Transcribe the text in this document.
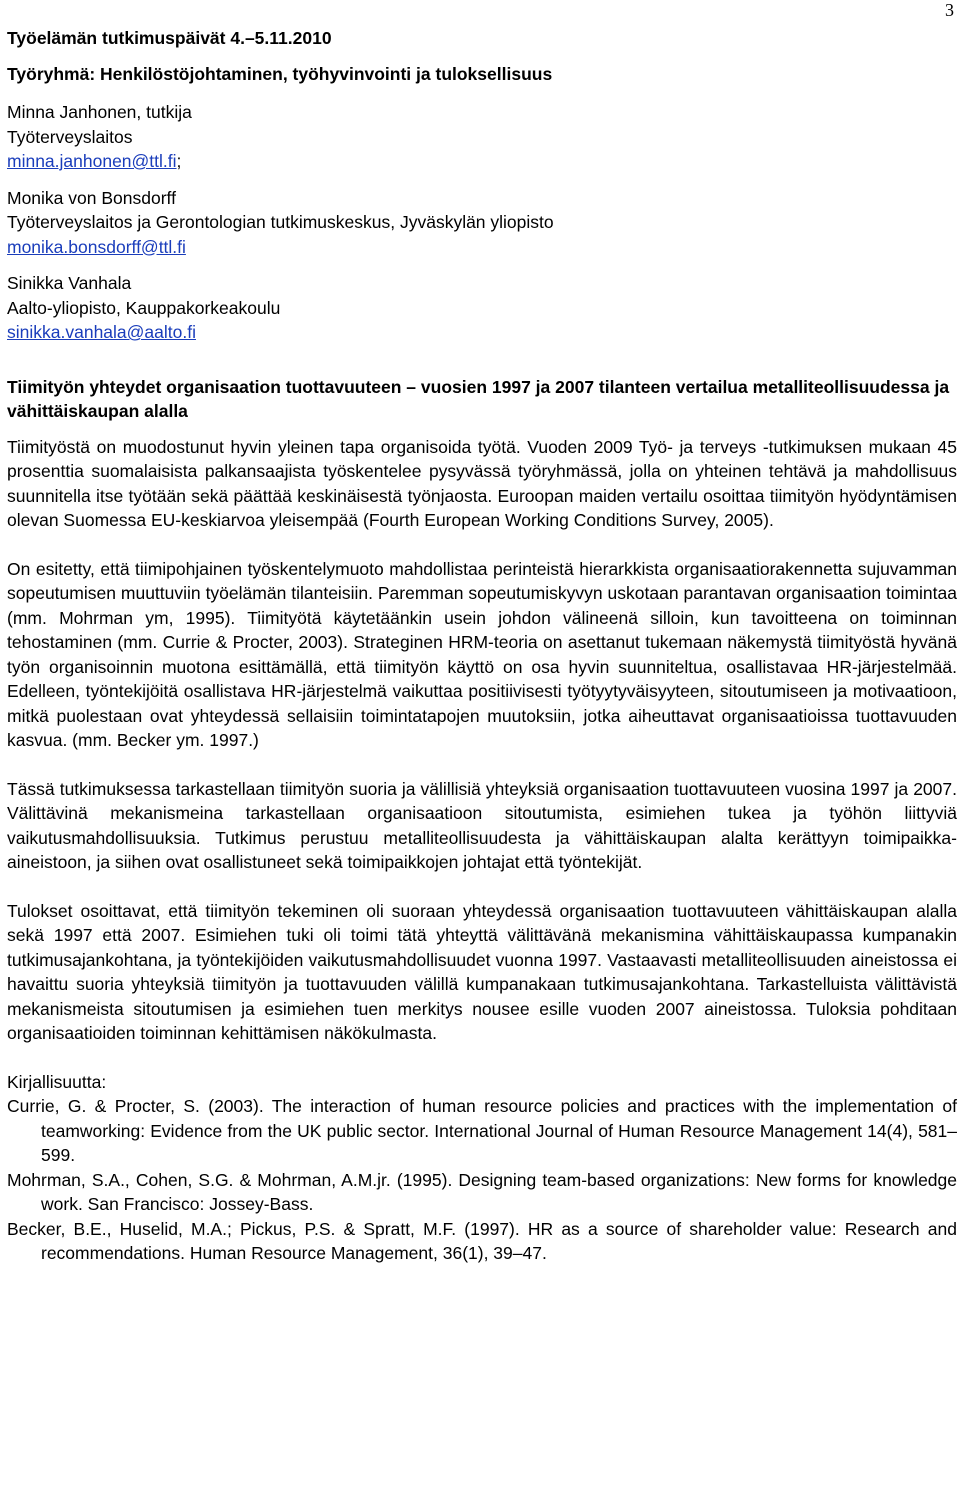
3
Työelämän tutkimuspäivät 4.–5.11.2010
Työryhmä: Henkilöstöjohtaminen, työhyvinvointi ja tuloksellisuus
Minna Janhonen, tutkija
Työterveyslaitos
minna.janhonen@ttl.fi;
Monika von Bonsdorff
Työterveyslaitos ja Gerontologian tutkimuskeskus, Jyväskylän yliopisto
monika.bonsdorff@ttl.fi
Sinikka Vanhala
Aalto-yliopisto, Kauppakorkeakoulu
sinikka.vanhala@aalto.fi
Tiimityön yhteydet organisaation tuottavuuteen – vuosien 1997 ja 2007 tilanteen vertailua metalliteollisuudessa ja vähittäiskaupan alalla

Tiimityöstä on muodostunut hyvin yleinen tapa organisoida työtä. Vuoden 2009 Työ- ja terveys -tutkimuksen mukaan 45 prosenttia suomalaisista palkansaajista työskentelee pysyvässä työryhmässä, jolla on yhteinen tehtävä ja mahdollisuus suunnitella itse työtään sekä päättää keskinäisestä työnjaosta. Euroopan maiden vertailu osoittaa tiimityön hyödyntämisen olevan Suomessa EU-keskiarvoa yleisempää (Fourth European Working Conditions Survey, 2005).

On esitetty, että tiimipohjainen työskentelymuoto mahdollistaa perinteistä hierarkkista organisaatiorakennetta sujuvamman sopeutumisen muuttuviin työelämän tilanteisiin. Paremman sopeutumiskyvyn uskotaan parantavan organisaation toimintaa (mm. Mohrman ym, 1995). Tiimityötä käytetäänkin usein johdon välineenä silloin, kun tavoitteena on toiminnan tehostaminen (mm. Currie & Procter, 2003). Strateginen HRM-teoria on asettanut tukemaan näkemystä tiimityöstä hyvänä työn organisoinnin muotona esittämällä, että tiimityön käyttö on osa hyvin suunniteltua, osallistavaa HR-järjestelmää. Edelleen, työntekijöitä osallistava HR-järjestelmä vaikuttaa positiivisesti työtyytyväisyyteen, sitoutumiseen ja motivaatioon, mitkä puolestaan ovat yhteydessä sellaisiin toimintatapojen muutoksiin, jotka aiheuttavat organisaatioissa tuottavuuden kasvua. (mm. Becker ym. 1997.)

Tässä tutkimuksessa tarkastellaan tiimityön suoria ja välillisiä yhteyksiä organisaation tuottavuuteen vuosina 1997 ja 2007. Välittävinä mekanismeina tarkastellaan organisaatioon sitoutumista, esimiehen tukea ja työhön liittyviä vaikutusmahdollisuuksia. Tutkimus perustuu metalliteollisuudesta ja vähittäiskaupan alalta kerättyyn toimipaikka-aineistoon, ja siihen ovat osallistuneet sekä toimipaikkojen johtajat että työntekijät.

Tulokset osoittavat, että tiimityön tekeminen oli suoraan yhteydessä organisaation tuottavuuteen vähittäiskaupan alalla sekä 1997 että 2007. Esimiehen tuki oli toimi tätä yhteyttä välittävänä mekanismina vähittäiskaupassa kumpanakin tutkimusajankohtana, ja työntekijöiden vaikutusmahdollisuudet vuonna 1997. Vastaavasti metalliteollisuuden aineistossa ei havaittu suoria yhteyksiä tiimityön ja tuottavuuden välillä kumpanakaan tutkimusajankohtana. Tarkastelluista välittävistä mekanismeista sitoutumisen ja esimiehen tuen merkitys nousee esille vuoden 2007 aineistossa. Tuloksia pohditaan organisaatioiden toiminnan kehittämisen näkökulmasta.

Kirjallisuutta:
Currie, G. & Procter, S. (2003). The interaction of human resource policies and practices with the implementation of teamworking: Evidence from the UK public sector. International Journal of Human Resource Management 14(4), 581–599.
Mohrman, S.A., Cohen, S.G. & Mohrman, A.M.jr. (1995). Designing team-based organizations: New forms for knowledge work. San Francisco: Jossey-Bass.
Becker, B.E., Huselid, M.A.; Pickus, P.S. & Spratt, M.F. (1997). HR as a source of shareholder value: Research and recommendations. Human Resource Management, 36(1), 39–47.
